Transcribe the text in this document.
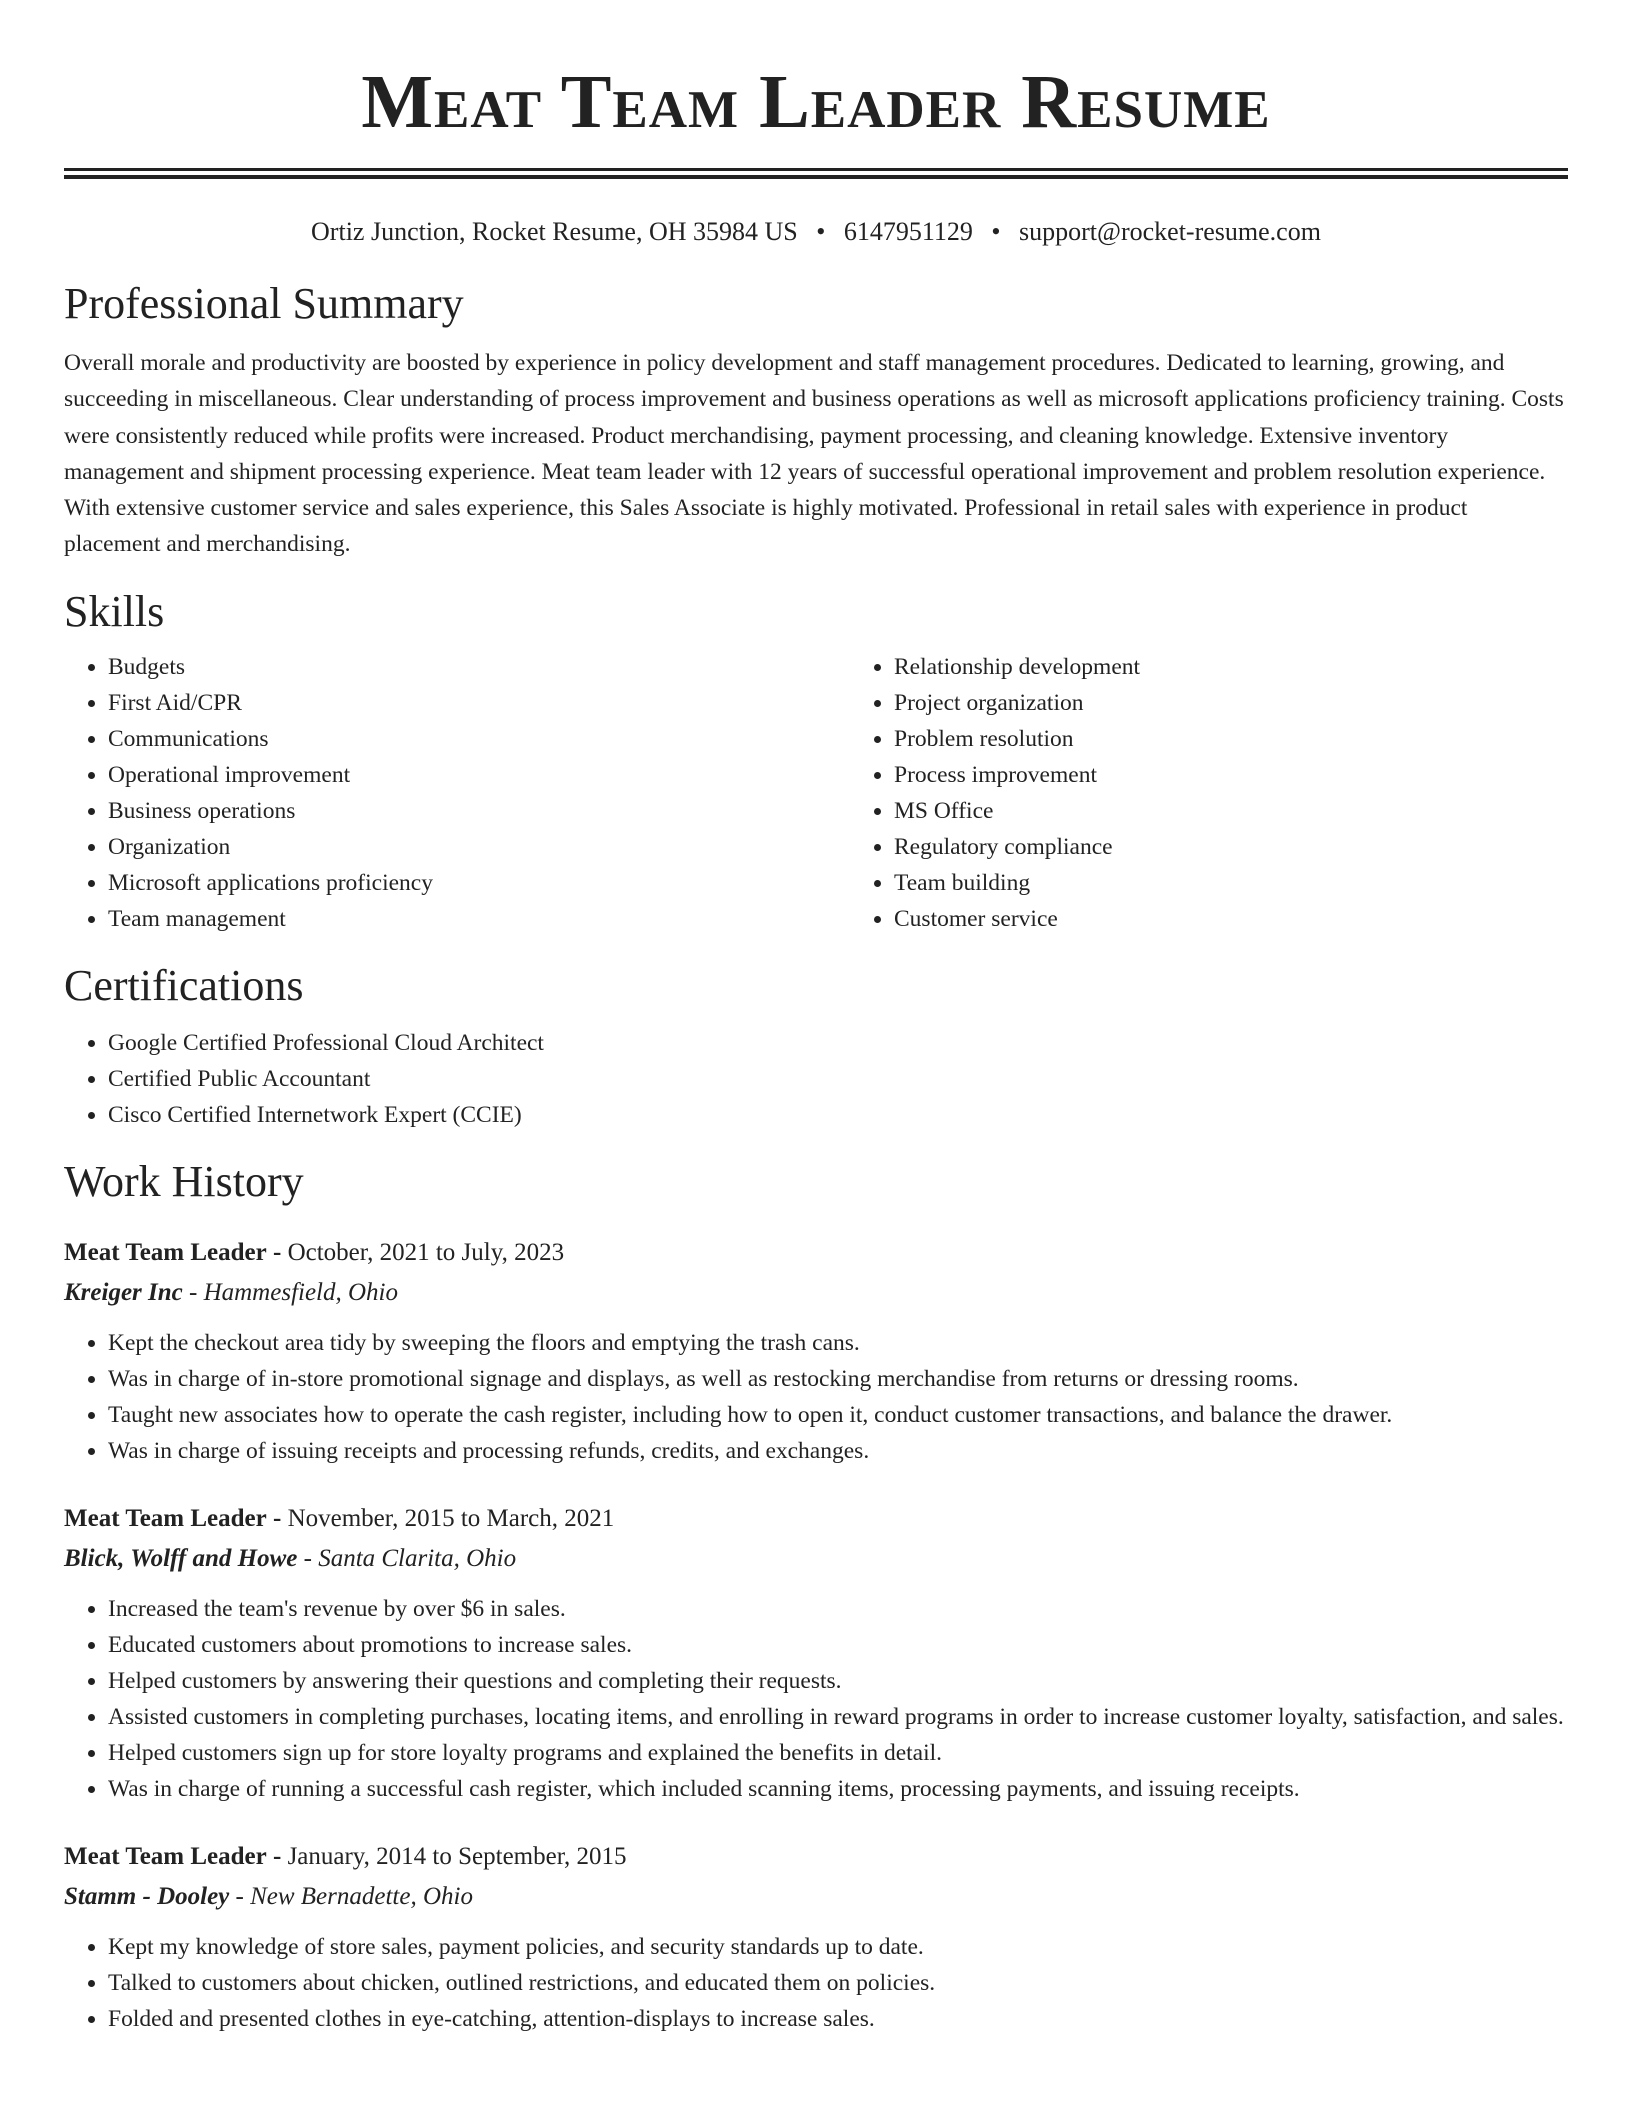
Meat Team Leader Resume
Ortiz Junction, Rocket Resume, OH 35984 US • 6147951129 • support@rocket-resume.com
Professional Summary
Overall morale and productivity are boosted by experience in policy development and staff management procedures. Dedicated to learning, growing, and succeeding in miscellaneous. Clear understanding of process improvement and business operations as well as microsoft applications proficiency training. Costs were consistently reduced while profits were increased. Product merchandising, payment processing, and cleaning knowledge. Extensive inventory management and shipment processing experience. Meat team leader with 12 years of successful operational improvement and problem resolution experience. With extensive customer service and sales experience, this Sales Associate is highly motivated. Professional in retail sales with experience in product placement and merchandising.
Skills
• Budgets
• First Aid/CPR
• Communications
• Operational improvement
• Business operations
• Organization
• Microsoft applications proficiency
• Team management
• Relationship development
• Project organization
• Problem resolution
• Process improvement
• MS Office
• Regulatory compliance
• Team building
• Customer service
Certifications
• Google Certified Professional Cloud Architect
• Certified Public Accountant
• Cisco Certified Internetwork Expert (CCIE)
Work History
Meat Team Leader - October, 2021 to July, 2023
Kreiger Inc - Hammesfield, Ohio
• Kept the checkout area tidy by sweeping the floors and emptying the trash cans.
• Was in charge of in-store promotional signage and displays, as well as restocking merchandise from returns or dressing rooms.
• Taught new associates how to operate the cash register, including how to open it, conduct customer transactions, and balance the drawer.
• Was in charge of issuing receipts and processing refunds, credits, and exchanges.
Meat Team Leader - November, 2015 to March, 2021
Blick, Wolff and Howe - Santa Clarita, Ohio
• Increased the team's revenue by over $6 in sales.
• Educated customers about promotions to increase sales.
• Helped customers by answering their questions and completing their requests.
• Assisted customers in completing purchases, locating items, and enrolling in reward programs in order to increase customer loyalty, satisfaction, and sales.
• Helped customers sign up for store loyalty programs and explained the benefits in detail.
• Was in charge of running a successful cash register, which included scanning items, processing payments, and issuing receipts.
Meat Team Leader - January, 2014 to September, 2015
Stamm - Dooley - New Bernadette, Ohio
• Kept my knowledge of store sales, payment policies, and security standards up to date.
• Talked to customers about chicken, outlined restrictions, and educated them on policies.
• Folded and presented clothes in eye-catching, attention-displays to increase sales.
